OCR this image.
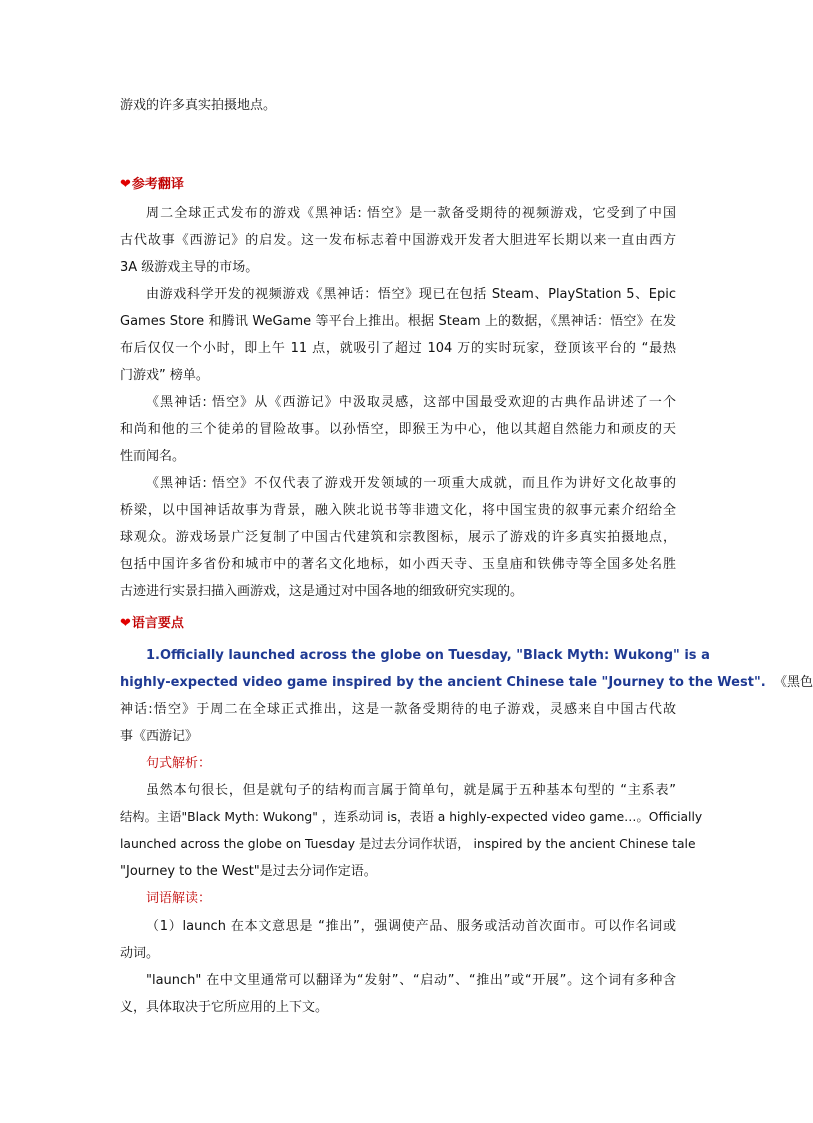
游戏的许多真实拍摄地点。

❤参考翻译
周二全球正式发布的游戏《黑神话: 悟空》是一款备受期待的视频游戏，它受到了中国
古代故事《西游记》的启发。这一发布标志着中国游戏开发者大胆进军长期以来一直由西方
3A 级游戏主导的市场。
由游戏科学开发的视频游戏《黑神话：悟空》现已在包括 Steam、PlayStation 5、Epic
Games Store 和腾讯 WeGame 等平台上推出。根据 Steam 上的数据，《黑神话：悟空》在发
布后仅仅一个小时，即上午 11 点，就吸引了超过 104 万的实时玩家，登顶该平台的 “最热
门游戏” 榜单。
《黑神话: 悟空》从《西游记》中汲取灵感，这部中国最受欢迎的古典作品讲述了一个
和尚和他的三个徒弟的冒险故事。以孙悟空，即猴王为中心，他以其超自然能力和顽皮的天
性而闻名。
《黑神话: 悟空》不仅代表了游戏开发领域的一项重大成就，而且作为讲好文化故事的
桥梁，以中国神话故事为背景，融入陕北说书等非遗文化，将中国宝贵的叙事元素介绍给全
球观众。游戏场景广泛复制了中国古代建筑和宗教图标，展示了游戏的许多真实拍摄地点，
包括中国许多省份和城市中的著名文化地标，如小西天寺、玉皇庙和铁佛寺等全国多处名胜
古迹进行实景扫描入画游戏，这是通过对中国各地的细致研究实现的。
❤语言要点
1.Officially launched across the globe on Tuesday, "Black Myth: Wukong" is a
highly-expected video game inspired by the ancient Chinese tale "Journey to the West". 《黑色
神话:悟空》于周二在全球正式推出，这是一款备受期待的电子游戏，灵感来自中国古代故
事《西游记》
句式解析：
虽然本句很长，但是就句子的结构而言属于简单句，就是属于五种基本句型的 “主系表”
结构。主语"Black Myth: Wukong" ，连系动词 is，表语 a highly-expected video game…。Officially
launched across the globe on Tuesday 是过去分词作状语， inspired by the ancient Chinese tale
"Journey to the West"是过去分词作定语。
词语解读：
（1）launch 在本文意思是 “推出”，强调使产品、服务或活动首次面市。可以作名词或
动词。
"launch" 在中文里通常可以翻译为“发射”、“启动”、“推出”或“开展”。这个词有多种含
义，具体取决于它所应用的上下文。
